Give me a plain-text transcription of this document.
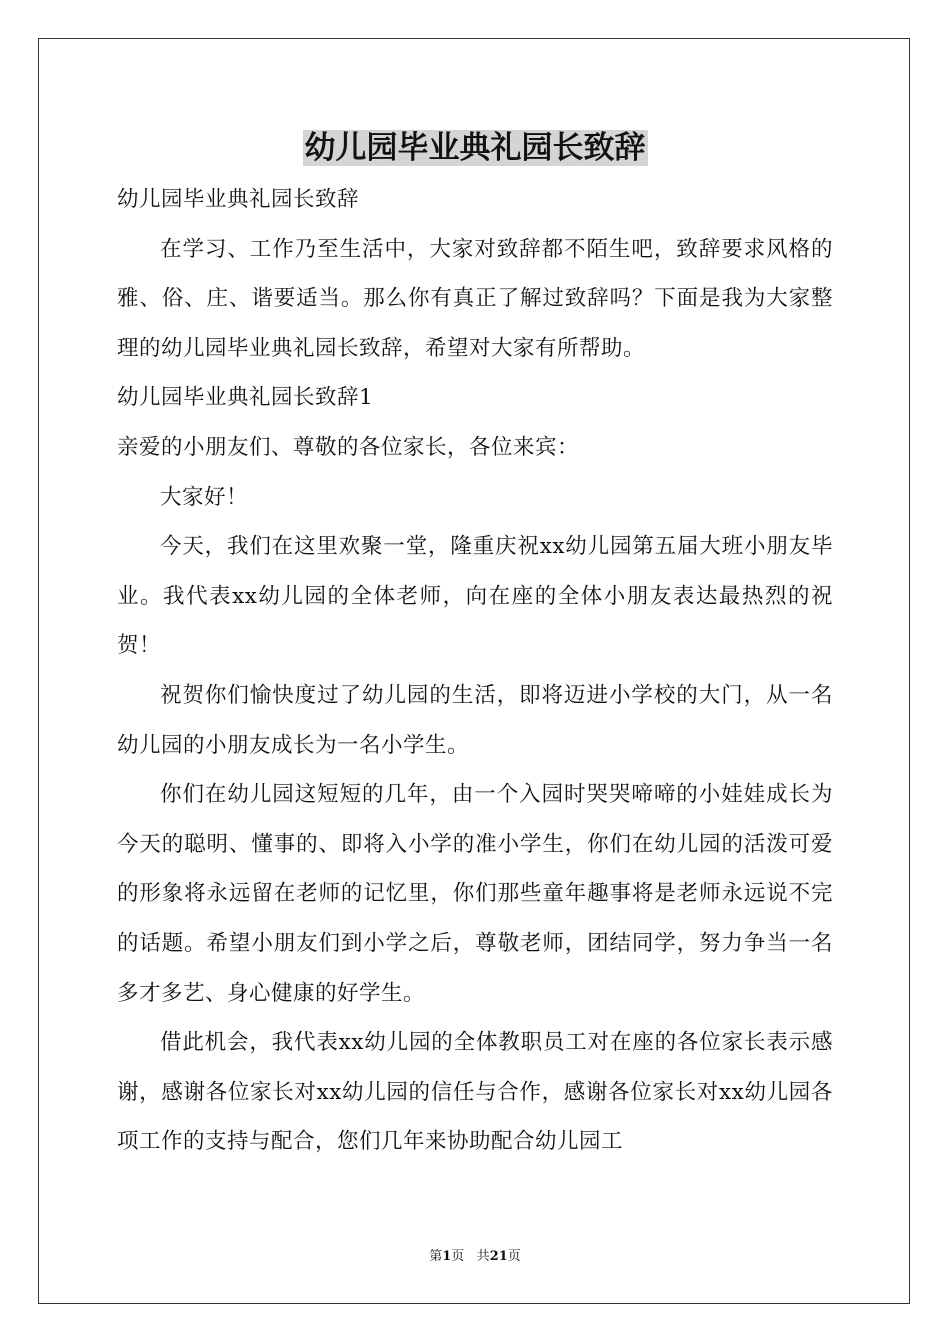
幼儿园毕业典礼园长致辞

幼儿园毕业典礼园长致辞

在学习、工作乃至生活中，大家对致辞都不陌生吧，致辞要求风格的雅、俗、庄、谐要适当。那么你有真正了解过致辞吗？下面是我为大家整理的幼儿园毕业典礼园长致辞，希望对大家有所帮助。

幼儿园毕业典礼园长致辞1

亲爱的小朋友们、尊敬的各位家长，各位来宾：

大家好！

今天，我们在这里欢聚一堂，隆重庆祝xx幼儿园第五届大班小朋友毕业。我代表xx幼儿园的全体老师，向在座的全体小朋友表达最热烈的祝贺！

祝贺你们愉快度过了幼儿园的生活，即将迈进小学校的大门，从一名幼儿园的小朋友成长为一名小学生。

你们在幼儿园这短短的几年，由一个入园时哭哭啼啼的小娃娃成长为今天的聪明、懂事的、即将入小学的准小学生，你们在幼儿园的活泼可爱的形象将永远留在老师的记忆里，你们那些童年趣事将是老师永远说不完的话题。希望小朋友们到小学之后，尊敬老师，团结同学，努力争当一名多才多艺、身心健康的好学生。

借此机会，我代表xx幼儿园的全体教职员工对在座的各位家长表示感谢，感谢各位家长对xx幼儿园的信任与合作，感谢各位家长对xx幼儿园各项工作的支持与配合，您们几年来协助配合幼儿园工

第1页 共21页
